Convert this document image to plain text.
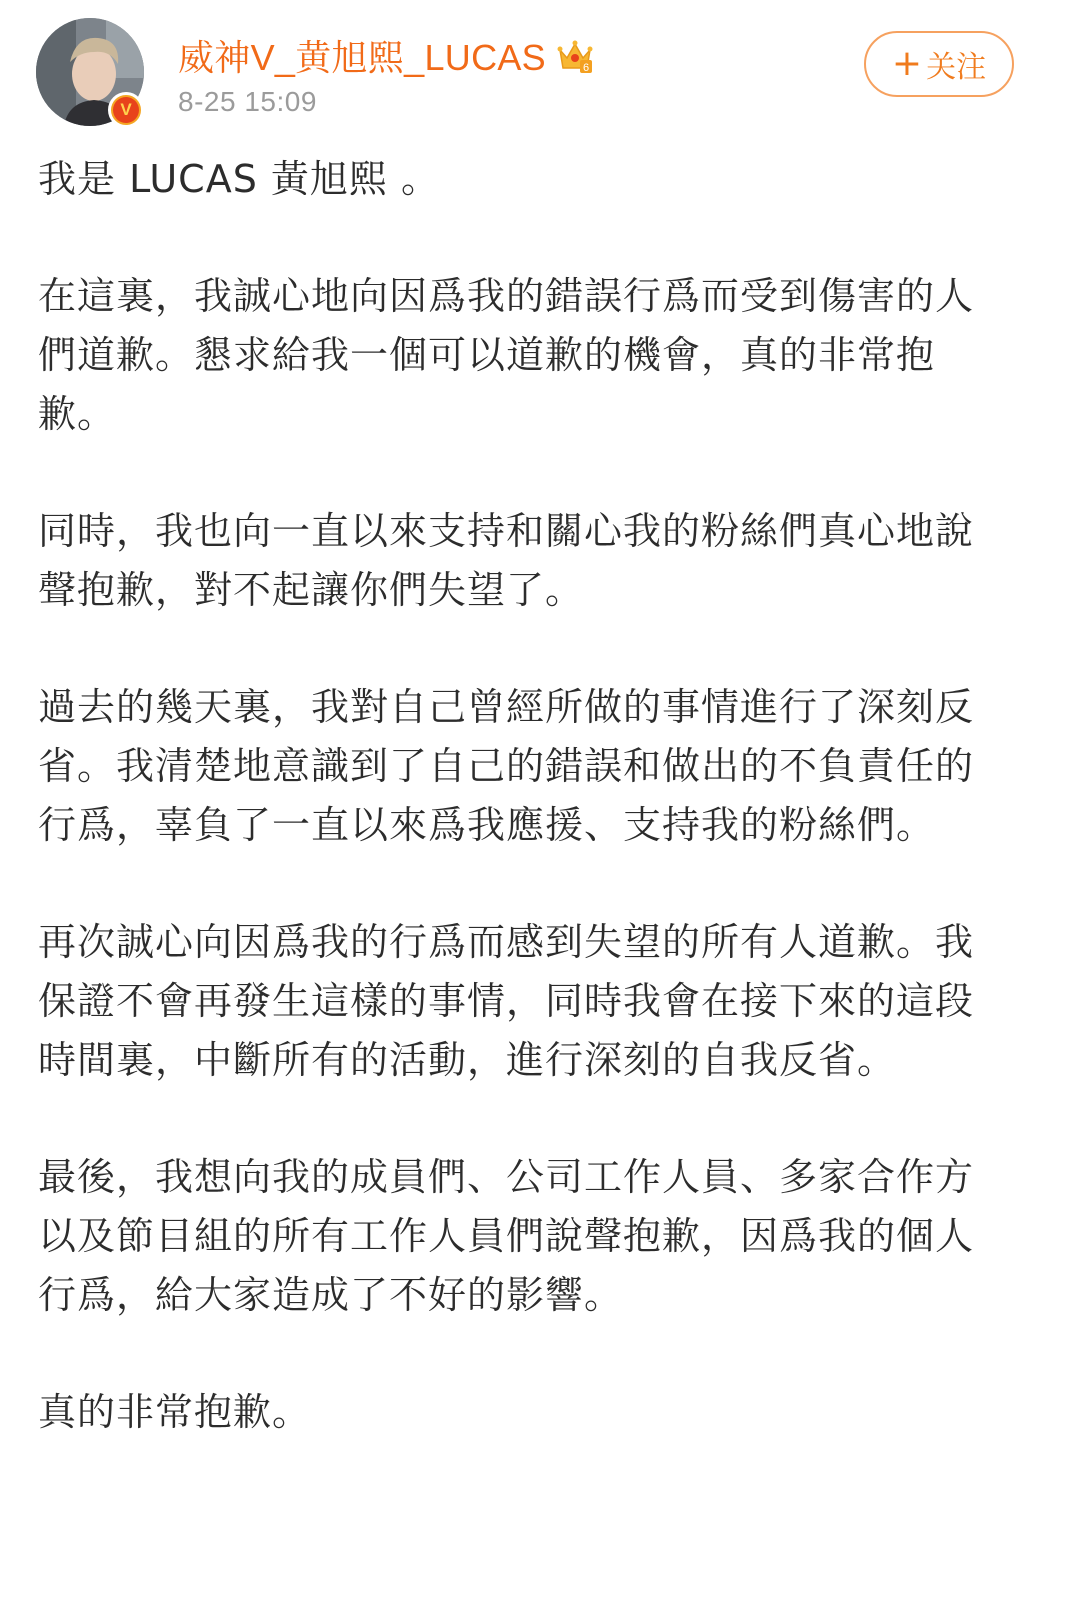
V
威神V_黄旭熙_LUCAS	6
8-25 15:09
+ 关注

我是 LUCAS 黃旭熙 。

在這裏，我誠心地向因爲我的錯誤行爲而受到傷害的人們道歉。懇求給我一個可以道歉的機會，真的非常抱歉。

同時，我也向一直以來支持和關心我的粉絲們真心地說聲抱歉，對不起讓你們失望了。

過去的幾天裏，我對自己曾經所做的事情進行了深刻反省。我清楚地意識到了自己的錯誤和做出的不負責任的行爲，辜負了一直以來爲我應援、支持我的粉絲們。

再次誠心向因爲我的行爲而感到失望的所有人道歉。我保證不會再發生這樣的事情，同時我會在接下來的這段時間裏，中斷所有的活動，進行深刻的自我反省。

最後，我想向我的成員們、公司工作人員、多家合作方以及節目組的所有工作人員們說聲抱歉，因爲我的個人行爲，給大家造成了不好的影響。

真的非常抱歉。
